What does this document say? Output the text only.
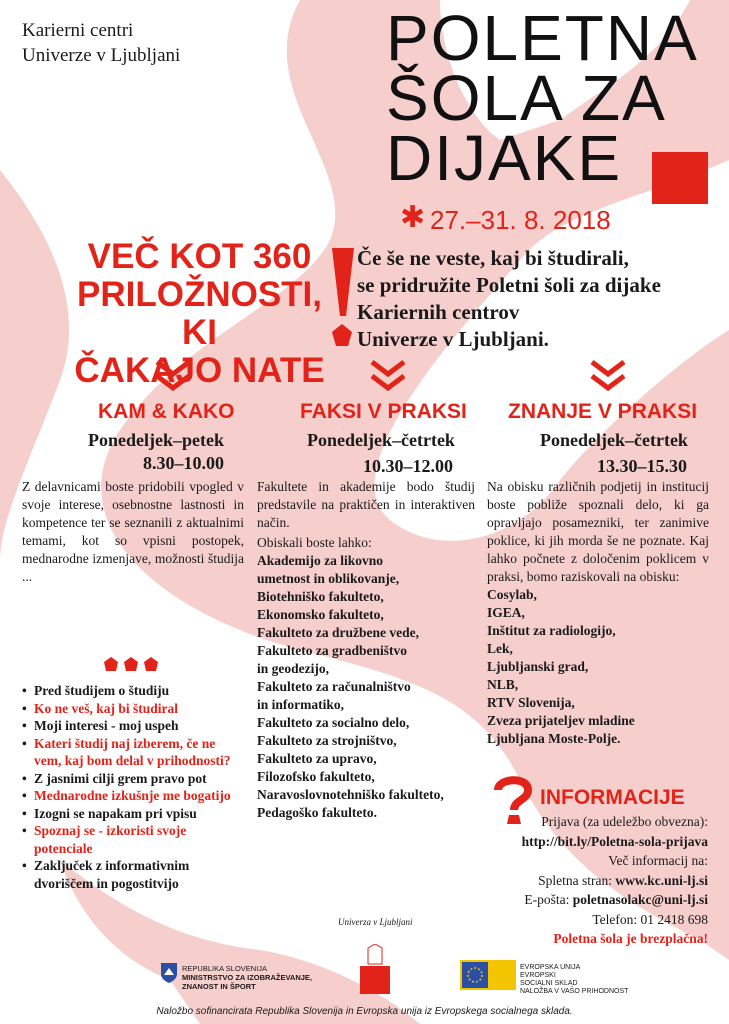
Karierni centri
Univerze v Ljubljani	POLETNA
ŠOLA ZA
DIJAKE
✱ 27.–31. 8. 2018
VEČ KOT 360
PRILOŽNOSTI, KI
ČAKAJO NATE
Če še ne veste, kaj bi študirali,
se pridružite Poletni šoli za dijake
Kariernih centrov
Univerze v Ljubljani.
KAM & KAKO
Ponedeljek–petek
8.30–10.00
Z delavnicami boste pridobili vpogled v svoje interese, osebnostne lastnosti in kompetence ter se seznanili z aktualnimi temami, kot so vpisni postopek, mednarodne izmenjave, možnosti študija ...
FAKSI V PRAKSI
Ponedeljek–četrtek
10.30–12.00
Fakultete in akademije bodo študij predstavile na praktičen in interaktiven način.
Obiskali boste lahko:
Akademijo za likovno
umetnost in oblikovanje,
Biotehniško fakulteto,
Ekonomsko fakulteto,
Fakulteto za družbene vede,
Fakulteto za gradbeništvo
in geodezijo,
Fakulteto za računalništvo
in informatiko,
Fakulteto za socialno delo,
Fakulteto za strojništvo,
Fakulteto za upravo,
Filozofsko fakulteto,
Naravoslovnotehniško fakulteto,
Pedagoško fakulteto.
ZNANJE V PRAKSI
Ponedeljek–četrtek
13.30–15.30
Na obisku različnih podjetij in institucij boste pobliže spoznali delo, ki ga opravljajo posamezniki, ter zanimive poklice, ki jih morda še ne poznate. Kaj lahko počnete z določenim poklicem v praksi, bomo raziskovali na obisku:
Cosylab,
IGEA,
Inštitut za radiologijo,
Lek,
Ljubljanski grad,
NLB,
RTV Slovenija,
Zveza prijateljev mladine
Ljubljana Moste-Polje.
• Pred študijem o študiju
• Ko ne veš, kaj bi študiral
• Moji interesi - moj uspeh
• Kateri študij naj izberem, če ne vem, kaj bom delal v prihodnosti?
• Z jasnimi cilji grem pravo pot
• Mednarodne izkušnje me bogatijo
• Izogni se napakam pri vpisu
• Spoznaj se - izkoristi svoje potenciale
• Zaključek z informativnim dvoriščem in pogostitvijo
INFORMACIJE
Prijava (za udeležbo obvezna):
http://bit.ly/Poletna-sola-prijava
Več informacij na:
Spletna stran: www.kc.uni-lj.si
E-pošta: poletnasolakc@uni-lj.si
Telefon: 01 2418 698
Poletna šola je brezplačna!
Univerza v Ljubljani
REPUBLIKA SLOVENIJA
MINISTRSTVO ZA IZOBRAŽEVANJE,
ZNANOST IN ŠPORT
EVROPSKA UNIJA
EVROPSKI
SOCIALNI SKLAD
NALOŽBA V VAŠO PRIHODNOST
Naložbo sofinancirata Republika Slovenija in Evropska unija iz Evropskega socialnega sklada.
